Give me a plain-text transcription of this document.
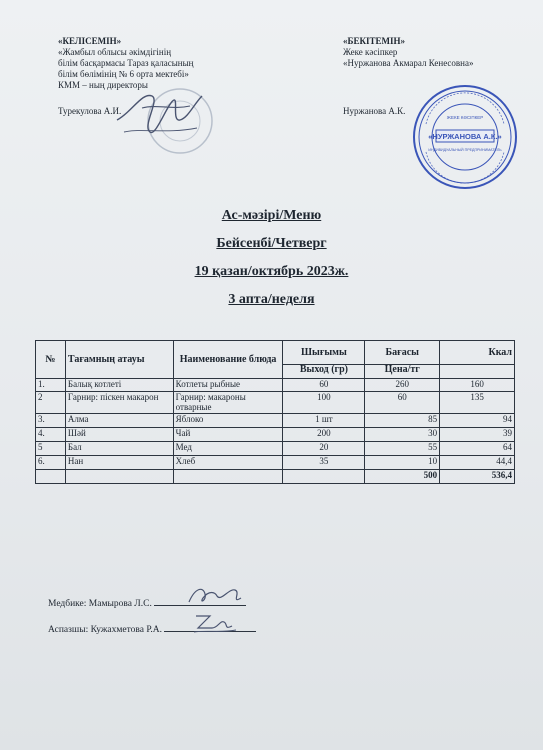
«КЕЛІСЕМІН»
«Жамбыл облысы әкімдігінің
білім басқармасы Тараз қаласының
білім бөлімінің № 6 орта мектебі»
КММ – ның директоры
Турекулова А.И.
«БЕКІТЕМІН»
Жеке кәсіпкер
«Нуржанова Акмарал Кенесовна»
Нуржанова А.К.
«НУРЖАНОВА А.К.»
ЖЕКЕ КӘСІПКЕР
ИНДИВИДУАЛЬНЫЙ ПРЕДПРИНИМАТЕЛЬ
Ас-мәзірі/Меню
Бейсенбі/Четверг
19 қазан/октябрь 2023ж.
3 апта/неделя
№	Тағамның атауы	Наименование блюда	Шығымы	Бағасы	Ккал
			Выход (гр)	Цена/тг	
1.	Балық котлеті	Котлеты рыбные	60	260	160
2	Гарнир: піскен макарон	Гарнир: макароны отварные	100	60	135
3.	Алма	Яблоко	1 шт	85	94
4.	Шәй	Чай	200	30	39
5	Бал	Мед	20	55	64
6.	Нан	Хлеб	35	10	44,4
				500	536,4
Медбике: Мамырова Л.С.
Аспазшы: Кужахметова Р.А.
